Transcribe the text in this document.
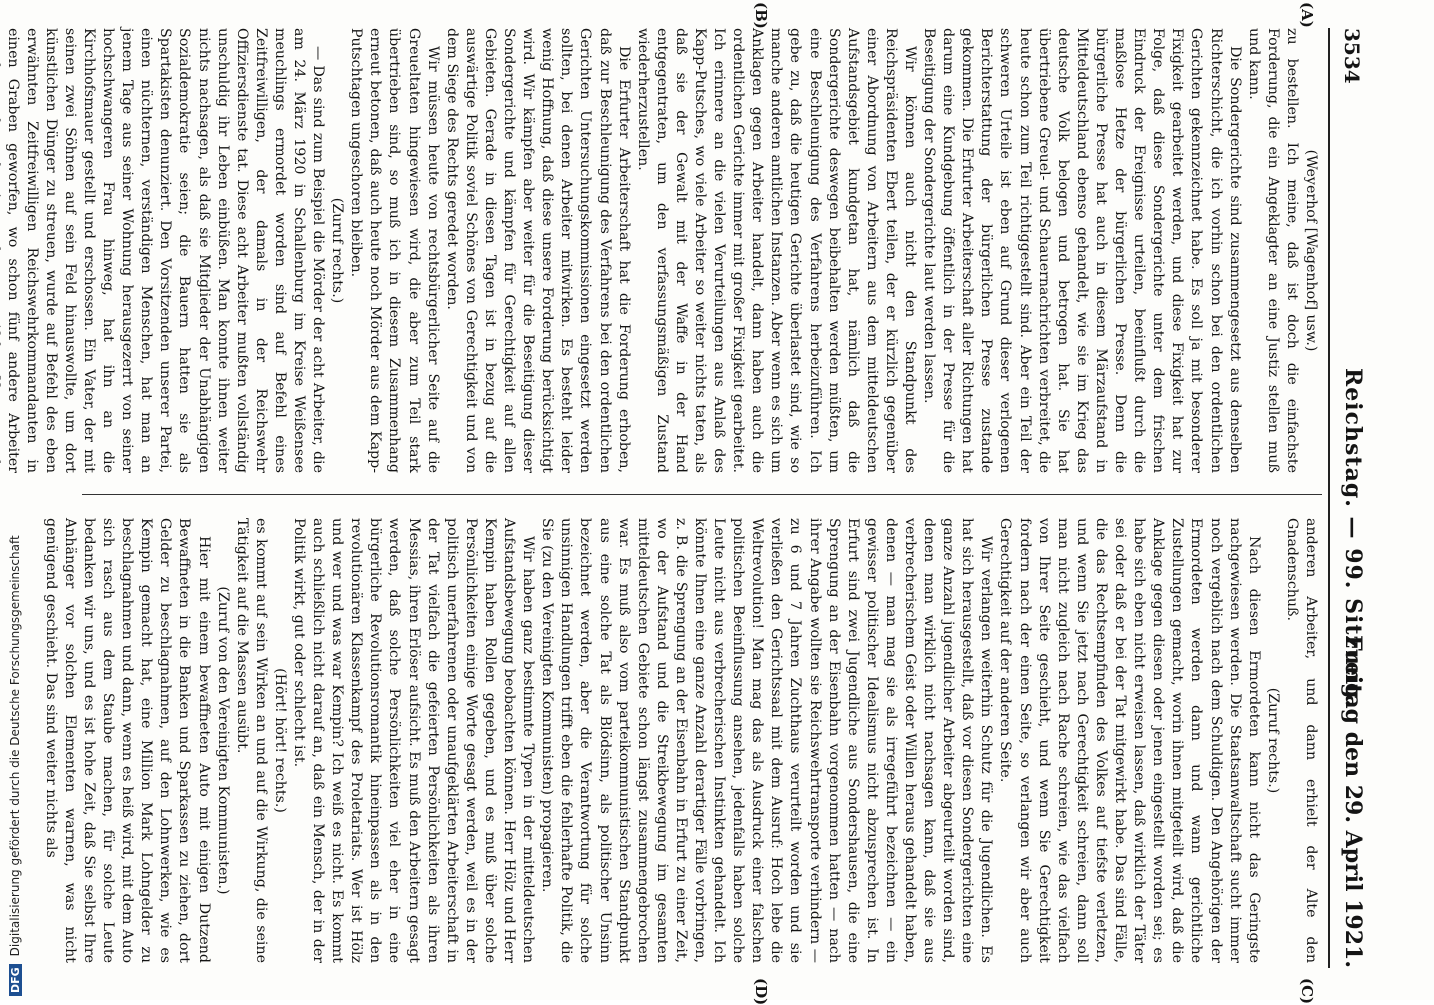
3534
Reichstag. — 99. Sitzung.
Freitag den 29. April 1921.
(A)
(B)
(C)
(D)

(Weyerhof [Wagenhof] usw.)

zu bestellen. Ich meine, daß ist doch die einfachste Forderung, die ein Angeklagter an eine Justiz stellen muß und kann.

Die Sondergerichte sind zusammengesetzt aus denselben Richterschicht, die ich vorhin schon bei den ordentlichen Gerichten gekennzeichnet habe. Es soll ja mit besonderer Fixigkeit gearbeitet werden, und diese Fixigkeit hat zur Folge, daß diese Sondergerichte unter dem frischen Eindruck der Ereignisse urteilen, beeinflußt durch die maßlose Hetze der bürgerlichen Presse. Denn die bürgerliche Presse hat auch in diesem Märzaufstand in Mitteldeutschland ebenso gehandelt, wie sie im Krieg das deutsche Volk belogen und betrogen hat. Sie hat übertriebene Greuel- und Schauernachrichten verbreitet, die heute schon zum Teil richtiggestellt sind. Aber ein Teil der schweren Urteile ist eben auf Grund dieser verlogenen Berichterstattung der bürgerlichen Presse zustande gekommen. Die Erfurter Arbeiterschaft aller Richtungen hat darum eine Kundgebung öffentlich in der Presse für die Beseitigung der Sondergerichte laut werden lassen.

Wir können auch nicht den Standpunkt des Reichspräsidenten Ebert teilen, der er kürzlich gegenüber einer Abordnung von Arbeitern aus dem mitteldeutschen Aufstandsgebiet kundgetan hat, nämlich daß die Sondergerichte deswegen beibehalten werden müßten, um eine Beschleunigung des Verfahrens herbeizuführen. Ich gebe zu, daß die heutigen Gerichte überlastet sind, wie so manche anderen amtlichen Instanzen. Aber wenn es sich um Anklagen gegen Arbeiter handelt, dann haben auch die ordentlichen Gerichte immer mit großer Fixigkeit gearbeitet. Ich erinnere an die vielen Verurteilungen aus Anlaß des Kapp-Putsches, wo viele Arbeiter so weiter nichts taten, als daß sie der Gewalt mit der Waffe in der Hand entgegentraten, um den verfassungsmäßigen Zustand wiederherzustellen.

Die Erfurter Arbeiterschaft hat die Forderung erhoben, daß zur Beschleunigung des Verfahrens bei den ordentlichen Gerichten Untersuchungskommissionen eingesetzt werden sollten, bei denen Arbeiter mitwirken. Es besteht leider wenig Hoffnung, daß diese unsere Forderung berücksichtigt wird. Wir kämpfen aber weiter für die Beseitigung dieser Sondergerichte und kämpfen für Gerechtigkeit auf allen Gebieten. Gerade in diesen Tagen ist in bezug auf die auswärtige Politik soviel Schönes von Gerechtigkeit und von dem Siege des Rechts geredet worden.

Wir müssen heute von rechtsbürgerlicher Seite auf die Greueltaten hingewiesen wird, die aber zum Teil stark übertrieben sind, so muß ich in diesem Zusammenhang erneut betonen, daß auch heute noch Mörder aus dem Kapp-Putschtagen ungeschoren bleiben.

(Zuruf rechts.)

— Das sind zum Beispiel die Mörder der acht Arbeiter, die am 24. März 1920 in Schallenburg im Kreise Weißensee meuchlings ermordet worden sind auf Befehl eines Zeitfreiwilligen, der damals in der Reichswehr Offiziersdienste tat. Diese acht Arbeiter mußten vollständig unschuldig ihr Leben einbüßen. Man konnte ihnen weiter nichts nachsagen, als daß sie Mitglieder der Unabhängigen Sozialdemokratie seien; die Bauern hatten sie als Spartakisten denunziert. Den Vorsitzenden unserer Partei, einen nüchternen, verständigen Menschen, hat man an jenem Tage aus seiner Wohnung herausgezerrt von seiner hochschwangeren Frau hinweg, hat ihn an die Kirchhofsmauer gestellt und erschossen. Ein Vater, der mit seinen zwei Söhnen auf sein Feld hinauswollte, um dort künstlichen Dünger zu streuen, wurde auf Befehl des eben erwähnten Zeitfreiwilligen Reichswehrkommandanten in einen Graben geworfen, wo schon fünf andere Arbeiter

anderen Arbeiter, und dann erhielt der Alte den Gnadenschuß.

(Zuruf rechts.)

Nach diesen Ermordeten kann nicht das Geringste nachgewiesen werden. Die Staatsanwaltschaft sucht immer noch vergeblich nach dem Schuldigen. Den Angehörigen der Ermordeten werden dann und wann gerichtliche Zustellungen gemacht, worin ihnen mitgeteilt wird, daß die Anklage gegen diesen oder jenen eingestellt worden sei; es habe sich eben nicht erweisen lassen, daß wirklich der Täter sei oder daß er bei der Tat mitgewirkt habe. Das sind Fälle, die das Rechtsempfinden des Volkes auf tiefste verletzen, und wenn Sie jetzt nach Gerechtigkeit schreien, dann soll man nicht zugleich nach Rache schreien, wie das vielfach von Ihrer Seite geschieht, und wenn Sie Gerechtigkeit fordern nach der einen Seite, so verlangen wir aber auch Gerechtigkeit auf der anderen Seite.

Wir verlangen weiterhin Schutz für die Jugendlichen. Es hat sich herausgestellt, daß vor diesen Sondergerichten eine ganze Anzahl jugendlicher Arbeiter abgeurteilt worden sind, denen man wirklich nicht nachsagen kann, daß sie aus verbrecherischem Geist oder Willen heraus gehandelt haben, denen — man mag sie als irregeführt bezeichnen — ein gewisser politischer Idealismus nicht abzusprechen ist. In Erfurt sind zwei Jugendliche aus Sondershausen, die eine Sprengung an der Eisenbahn vorgenommen hatten — nach ihrer Angabe wollten sie Reichswehrtransporte verhindern — zu 6 und 7 Jahren Zuchthaus verurteilt worden und sie verließen den Gerichtssaal mit dem Ausruf: Hoch lebe die Weltrevolution! Man mag das als Ausdruck einer falschen politischen Beeinflussung ansehen, jedenfalls haben solche Leute nicht aus verbrecherischen Instinkten gehandelt. Ich könnte Ihnen eine ganze Anzahl derartiger Fälle vorbringen, z. B. die Sprengung an der Eisenbahn in Erfurt zu einer Zeit, wo der Aufstand und die Streikbewegung im gesamten mitteldeutschen Gebiete schon längst zusammengebrochen war. Es muß also vom parteikommunistischen Standpunkt aus eine solche Tat als Blödsinn, als politischer Unsinn bezeichnet werden, aber die Verantwortung für solche unsinnigen Handlungen trifft eben die fehlerhafte Politik, die Sie (zu den Vereinigten Kommunisten) propagieren.

Wir haben ganz bestimmte Typen in der mitteldeutschen Aufstandsbewegung beobachten können. Herr Hölz und Herr Kempin haben Rollen gegeben, und es muß über solche Persönlichkeiten einige Worte gesagt werden, weil es in der politisch unerfahrenen oder unaufgeklärten Arbeiterschaft in der Tat vielfach die gefeierten Persönlichkeiten als ihren Messias, ihren Erlöser aufsicht. Es muß den Arbeitern gesagt werden, daß solche Persönlichkeiten viel eher in eine bürgerliche Revolutionsromantik hineinpassen als in den revolutionären Klassenkampf des Proletariats. Wer ist Hölz und wer und was war Kempin? Ich weiß es nicht. Es kommt auch schließlich nicht darauf an, daß ein Mensch, der in der Politik wirkt, gut oder schlecht ist.

(Hört! hört! rechts.)

es kommt auf sein Wirken an und auf die Wirkung, die seine Tätigkeit auf die Massen ausübt.

(Zuruf von den Vereinigten Kommunisten.)

Hier mit einem bewaffneten Auto mit einigen Dutzend Bewaffneten in die Banken und Sparkassen zu ziehen, dort Gelder zu beschlagnahmen, auf den Lohnwerken, wie es Kempin gemacht hat, eine Million Mark Lohngelder zu beschlagnahmen und dann, wenn es heiß wird, mit dem Auto sich rasch aus dem Staube machen, für solche Leute bedanken wir uns, und es ist hohe Zeit, daß Sie selbst Ihre Anhänger vor solchen Elementen warnen, was nicht genügend geschieht. Das sind weiter nichts als

DFGDigitalisierung gefördert durch die Deutsche Forschungsgemeinschaft
